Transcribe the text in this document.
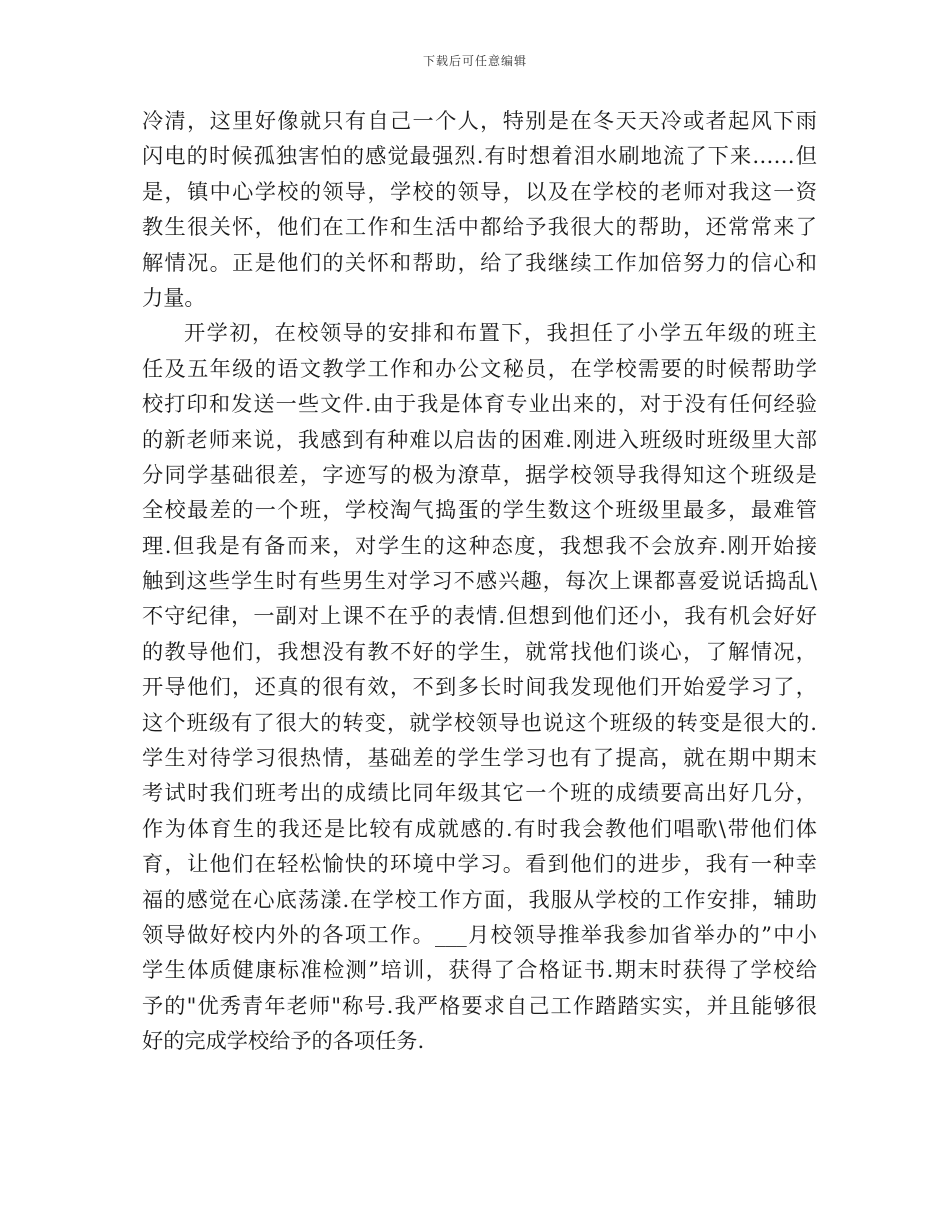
下载后可任意编辑
冷清，这里好像就只有自己一个人，特别是在冬天天冷或者起风下雨
闪电的时候孤独害怕的感觉最强烈.有时想着泪水刷地流了下来……但
是，镇中心学校的领导，学校的领导，以及在学校的老师对我这一资
教生很关怀，他们在工作和生活中都给予我很大的帮助，还常常来了
解情况。正是他们的关怀和帮助，给了我继续工作加倍努力的信心和
力量。
开学初，在校领导的安排和布置下，我担任了小学五年级的班主
任及五年级的语文教学工作和办公文秘员，在学校需要的时候帮助学
校打印和发送一些文件.由于我是体育专业出来的，对于没有任何经验
的新老师来说，我感到有种难以启齿的困难.刚进入班级时班级里大部
分同学基础很差，字迹写的极为潦草，据学校领导我得知这个班级是
全校最差的一个班，学校淘气捣蛋的学生数这个班级里最多，最难管
理.但我是有备而来，对学生的这种态度，我想我不会放弃.刚开始接
触到这些学生时有些男生对学习不感兴趣，每次上课都喜爱说话捣乱\
不守纪律，一副对上课不在乎的表情.但想到他们还小，我有机会好好
的教导他们，我想没有教不好的学生，就常找他们谈心，了解情况，
开导他们，还真的很有效，不到多长时间我发现他们开始爱学习了，
这个班级有了很大的转变，就学校领导也说这个班级的转变是很大的.
学生对待学习很热情，基础差的学生学习也有了提高，就在期中期末
考试时我们班考出的成绩比同年级其它一个班的成绩要高出好几分，
作为体育生的我还是比较有成就感的.有时我会教他们唱歌\带他们体
育，让他们在轻松愉快的环境中学习。看到他们的进步，我有一种幸
福的感觉在心底荡漾.在学校工作方面，我服从学校的工作安排，辅助
领导做好校内外的各项工作。___月校领导推举我参加省举办的”中小
学生体质健康标准检测”培训，获得了合格证书.期末时获得了学校给
予的"优秀青年老师"称号.我严格要求自己工作踏踏实实，并且能够很
好的完成学校给予的各项任务.
